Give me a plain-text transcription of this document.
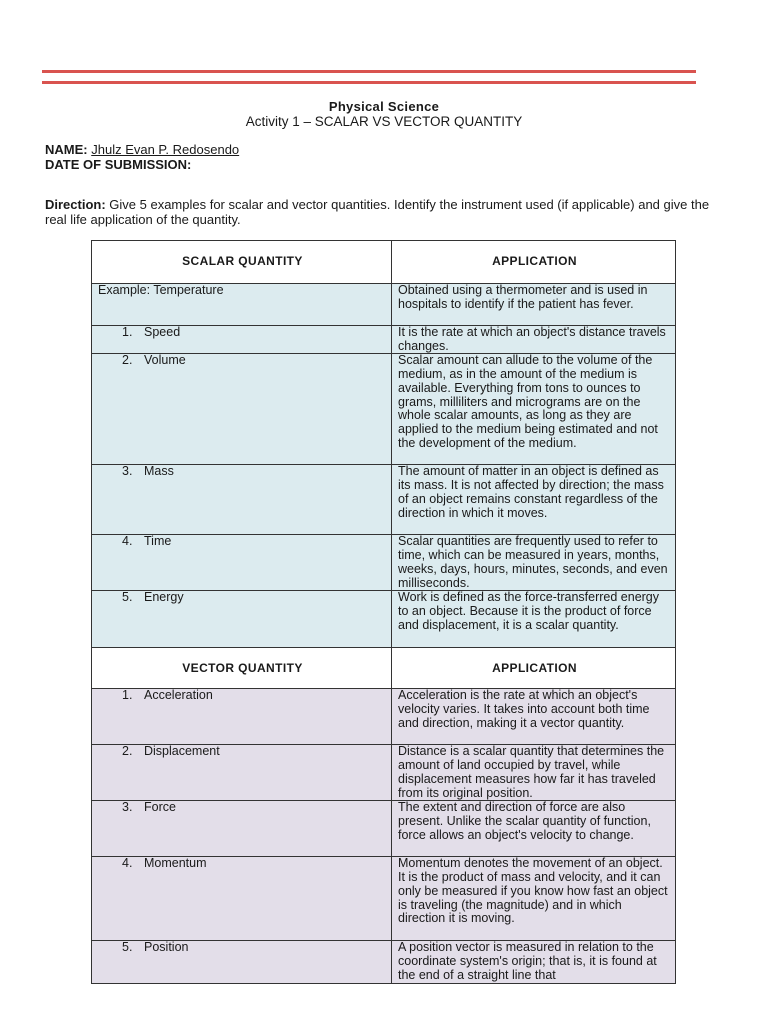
Physical Science
Activity 1 – SCALAR VS VECTOR QUANTITY
NAME: Jhulz Evan P. Redosendo
DATE OF SUBMISSION:
Direction: Give 5 examples for scalar and vector quantities. Identify the instrument used (if applicable) and give the real life application of the quantity.
SCALAR QUANTITY	APPLICATION
Example: Temperature	Obtained using a thermometer and is used in hospitals to identify if the patient has fever.
1. Speed	It is the rate at which an object's distance travels changes.
2. Volume	Scalar amount can allude to the volume of the medium, as in the amount of the medium is available. Everything from tons to ounces to grams, milliliters and micrograms are on the whole scalar amounts, as long as they are applied to the medium being estimated and not the development of the medium.
3. Mass	The amount of matter in an object is defined as its mass. It is not affected by direction; the mass of an object remains constant regardless of the direction in which it moves.
4. Time	Scalar quantities are frequently used to refer to time, which can be measured in years, months, weeks, days, hours, minutes, seconds, and even milliseconds.
5. Energy	Work is defined as the force-transferred energy to an object. Because it is the product of force and displacement, it is a scalar quantity.
VECTOR QUANTITY	APPLICATION
1. Acceleration	Acceleration is the rate at which an object's velocity varies. It takes into account both time and direction, making it a vector quantity.
2. Displacement	Distance is a scalar quantity that determines the amount of land occupied by travel, while displacement measures how far it has traveled from its original position.
3. Force	The extent and direction of force are also present. Unlike the scalar quantity of function, force allows an object's velocity to change.
4. Momentum	Momentum denotes the movement of an object. It is the product of mass and velocity, and it can only be measured if you know how fast an object is traveling (the magnitude) and in which direction it is moving.
5. Position	A position vector is measured in relation to the coordinate system's origin; that is, it is found at the end of a straight line that
